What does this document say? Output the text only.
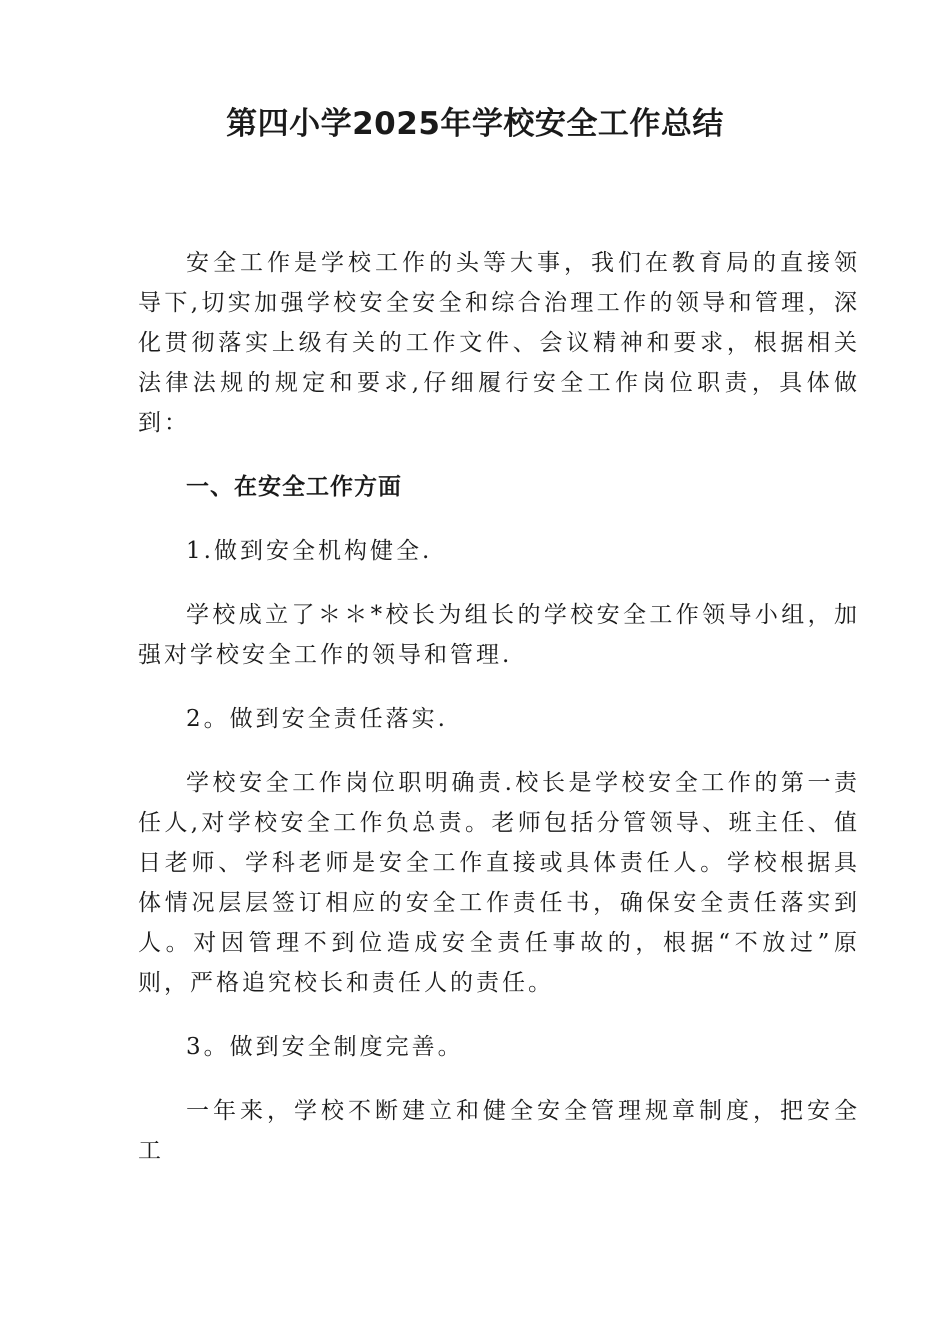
第四小学2025年学校安全工作总结

安全工作是学校工作的头等大事，我们在教育局的直接领导下,切实加强学校安全安全和综合治理工作的领导和管理，深化贯彻落实上级有关的工作文件、会议精神和要求，根据相关法律法规的规定和要求,仔细履行安全工作岗位职责，具体做到：

一、在安全工作方面

1.做到安全机构健全.

学校成立了＊＊*校长为组长的学校安全工作领导小组，加强对学校安全工作的领导和管理.

2。做到安全责任落实.

学校安全工作岗位职明确责.校长是学校安全工作的第一责任人,对学校安全工作负总责。老师包括分管领导、班主任、值日老师、学科老师是安全工作直接或具体责任人。学校根据具体情况层层签订相应的安全工作责任书，确保安全责任落实到人。对因管理不到位造成安全责任事故的，根据“不放过”原则，严格追究校长和责任人的责任。

3。做到安全制度完善。

一年来，学校不断建立和健全安全管理规章制度，把安全工
